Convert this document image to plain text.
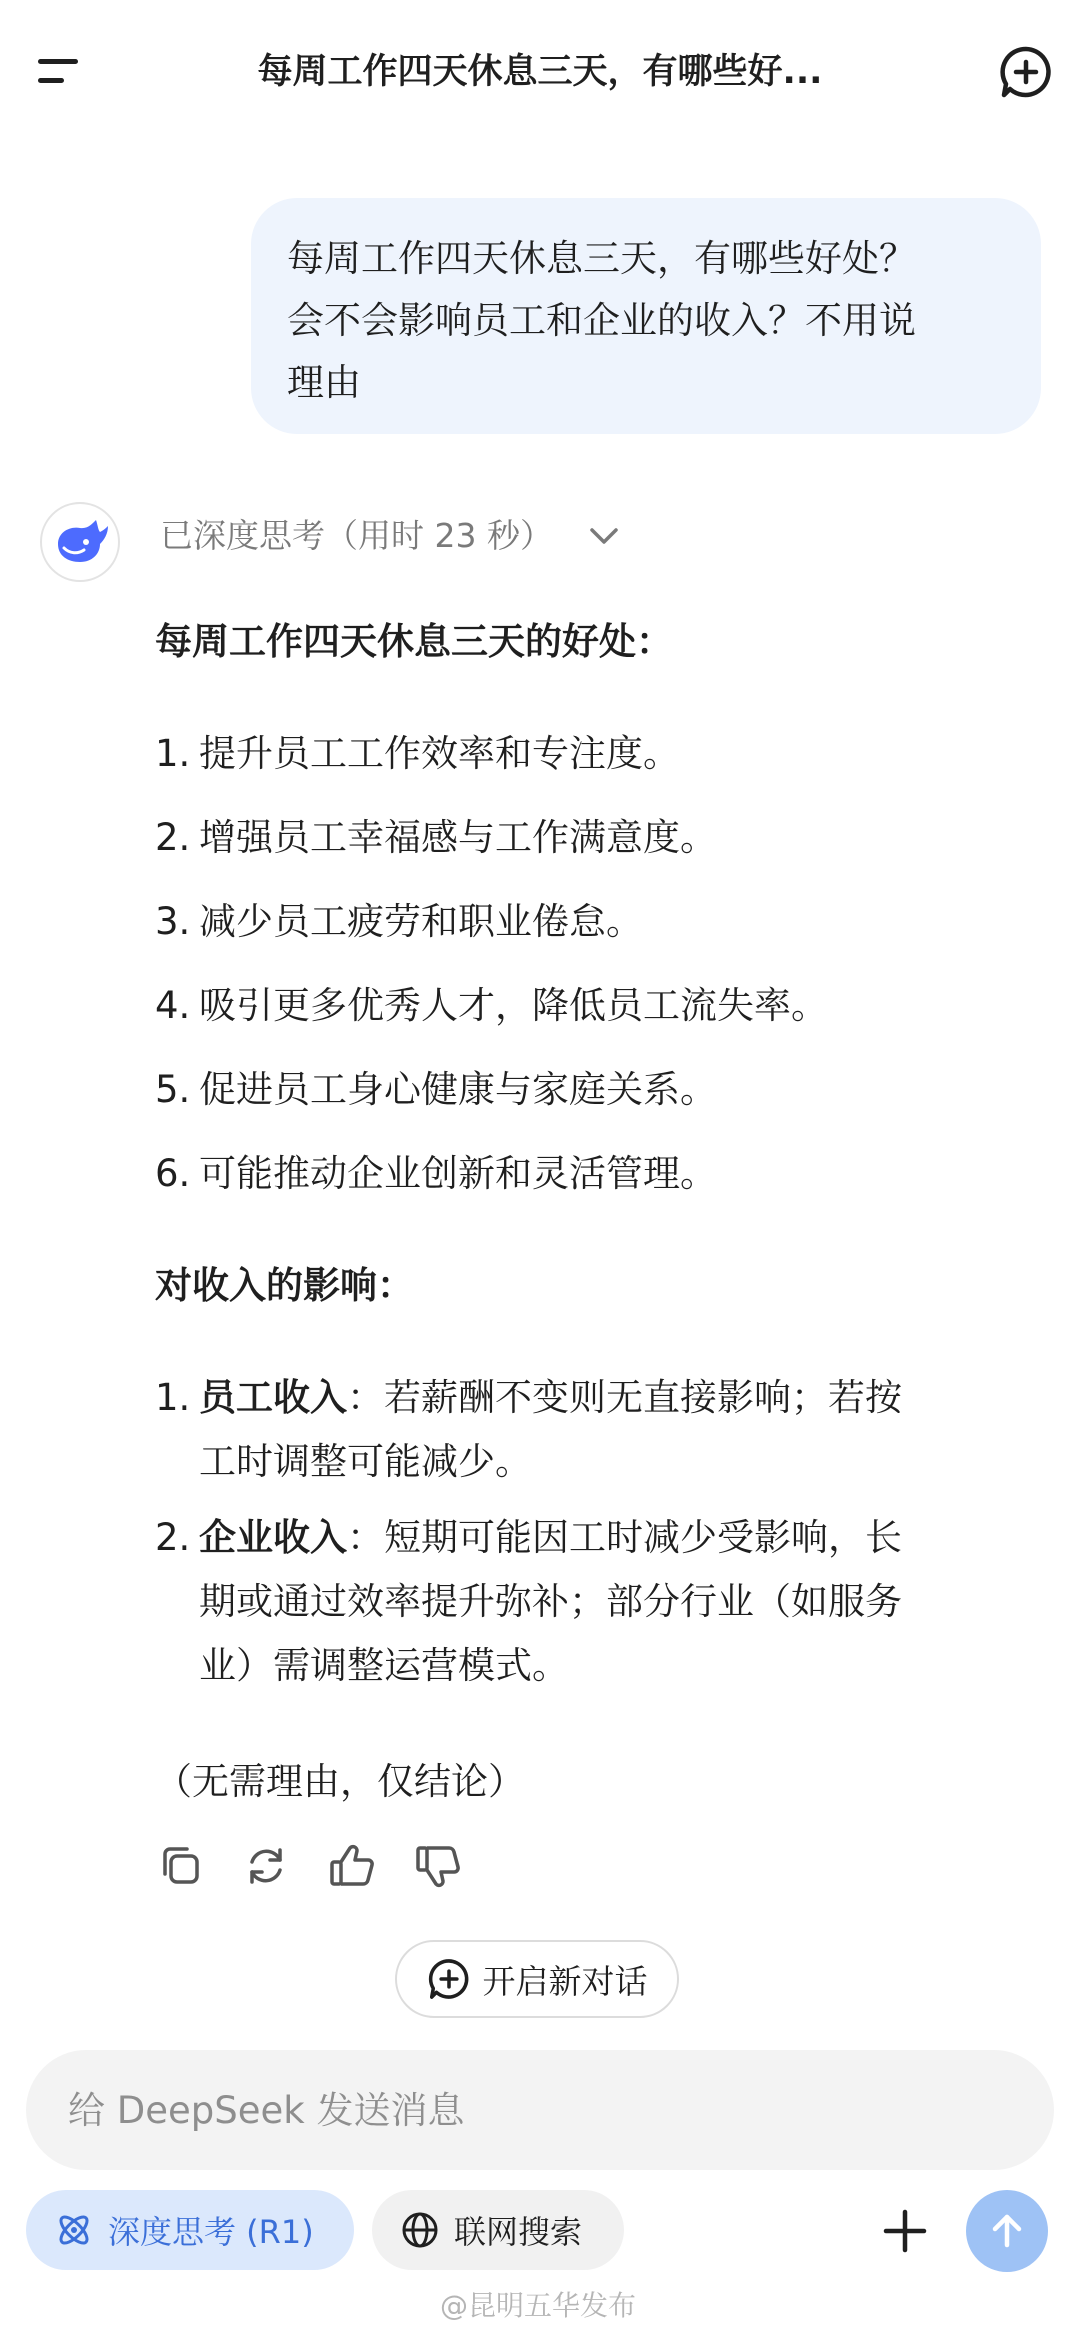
每周工作四天休息三天，有哪些好...
每周工作四天休息三天，有哪些好处？
会不会影响员工和企业的收入？不用说
理由
已深度思考（用时 23 秒）
每周工作四天休息三天的好处：
1. 提升员工工作效率和专注度。
2. 增强员工幸福感与工作满意度。
3. 减少员工疲劳和职业倦怠。
4. 吸引更多优秀人才，降低员工流失率。
5. 促进员工身心健康与家庭关系。
6. 可能推动企业创新和灵活管理。
对收入的影响：
1. 员工收入：若薪酬不变则无直接影响；若按
工时调整可能减少。
2. 企业收入：短期可能因工时减少受影响，长
期或通过效率提升弥补；部分行业（如服务
业）需调整运营模式。
（无需理由，仅结论）
开启新对话
给 DeepSeek 发送消息
深度思考 (R1)	联网搜索
@昆明五华发布
